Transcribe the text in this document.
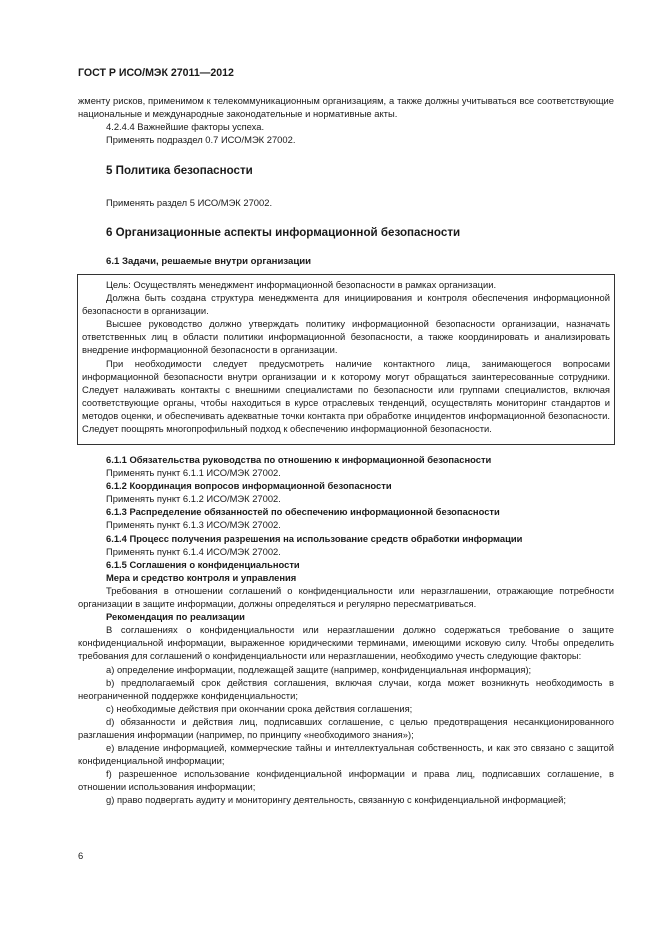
ГОСТ Р ИСО/МЭК 27011—2012
жменту рисков, применимом к телекоммуникационным организациям, а также должны учитываться все соответствующие национальные и международные законодательные и нормативные акты.
4.2.4.4 Важнейшие факторы успеха.
Применять подраздел 0.7 ИСО/МЭК 27002.
5 Политика безопасности
Применять раздел 5 ИСО/МЭК 27002.
6 Организационные аспекты информационной безопасности
6.1 Задачи, решаемые внутри организации

Цель: Осуществлять менеджмент информационной безопасности в рамках организации.

Должна быть создана структура менеджмента для инициирования и контроля обеспечения информационной безопасности в организации.

Высшее руководство должно утверждать политику информационной безопасности организации, назначать ответственных лиц в области политики информационной безопасности, а также координировать и анализировать внедрение информационной безопасности в организации.

При необходимости следует предусмотреть наличие контактного лица, занимающегося вопросами информационной безопасности внутри организации и к которому могут обращаться заинтересованные сотрудники. Следует налаживать контакты с внешними специалистами по безопасности или группами специалистов, включая соответствующие органы, чтобы находиться в курсе отраслевых тенденций, осуществлять мониторинг стандартов и методов оценки, и обеспечивать адекватные точки контакта при обработке инцидентов информационной безопасности. Следует поощрять многопрофильный подход к обеспечению информационной безопасности.

6.1.1 Обязательства руководства по отношению к информационной безопасности

Применять пункт 6.1.1 ИСО/МЭК 27002.

6.1.2 Координация вопросов информационной безопасности

Применять пункт 6.1.2 ИСО/МЭК 27002.

6.1.3 Распределение обязанностей по обеспечению информационной безопасности

Применять пункт 6.1.3 ИСО/МЭК 27002.

6.1.4 Процесс получения разрешения на использование средств обработки информации

Применять пункт 6.1.4 ИСО/МЭК 27002.

6.1.5 Соглашения о конфиденциальности

Мера и средство контроля и управления

Требования в отношении соглашений о конфиденциальности или неразглашении, отражающие потребности организации в защите информации, должны определяться и регулярно пересматриваться.

Рекомендация по реализации

В соглашениях о конфиденциальности или неразглашении должно содержаться требование о защите конфиденциальной информации, выраженное юридическими терминами, имеющими исковую силу. Чтобы определить требования для соглашений о конфиденциальности или неразглашении, необходимо учесть следующие факторы:

a) определение информации, подлежащей защите (например, конфиденциальная информация);

b) предполагаемый срок действия соглашения, включая случаи, когда может возникнуть необходимость в неограниченной поддержке конфиденциальности;

c) необходимые действия при окончании срока действия соглашения;

d) обязанности и действия лиц, подписавших соглашение, с целью предотвращения несанкционированного разглашения информации (например, по принципу «необходимого знания»);

e) владение информацией, коммерческие тайны и интеллектуальная собственность, и как это связано с защитой конфиденциальной информации;

f) разрешенное использование конфиденциальной информации и права лиц, подписавших соглашение, в отношении использования информации;

g) право подвергать аудиту и мониторингу деятельность, связанную с конфиденциальной информацией;

6
